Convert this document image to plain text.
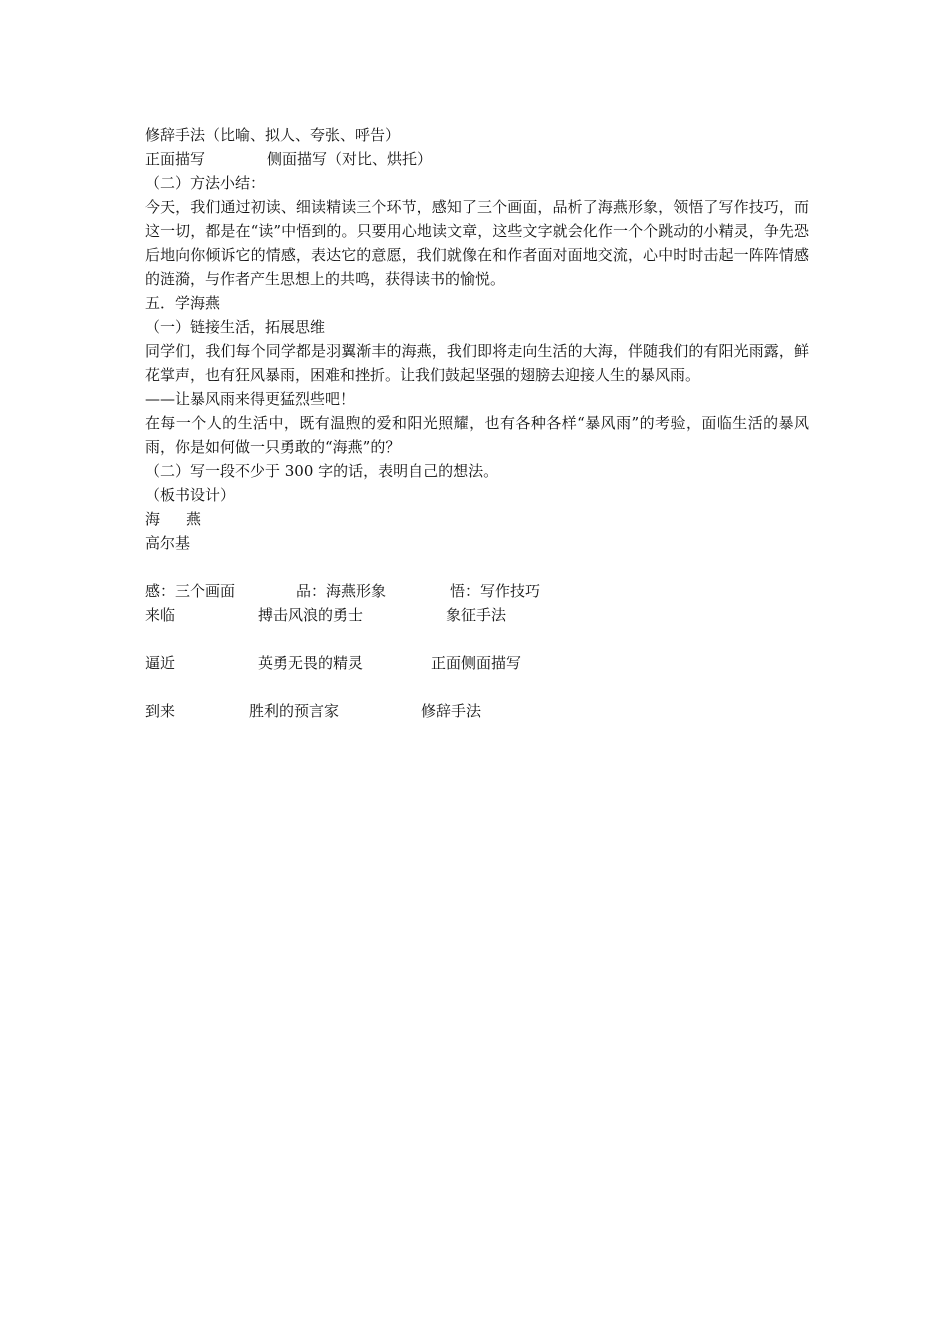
修辞手法（比喻、拟人、夸张、呼告）
正面描写	侧面描写（对比、烘托）
（二）方法小结：
今天，我们通过初读、细读精读三个环节，感知了三个画面，品析了海燕形象，领悟了写作技巧，而这一切，都是在“读”中悟到的。只要用心地读文章，这些文字就会化作一个个跳动的小精灵，争先恐后地向你倾诉它的情感，表达它的意愿，我们就像在和作者面对面地交流，心中时时击起一阵阵情感的涟漪，与作者产生思想上的共鸣，获得读书的愉悦。
五．学海燕
（一）链接生活，拓展思维
同学们，我们每个同学都是羽翼渐丰的海燕，我们即将走向生活的大海，伴随我们的有阳光雨露，鲜花掌声，也有狂风暴雨，困难和挫折。让我们鼓起坚强的翅膀去迎接人生的暴风雨。
——让暴风雨来得更猛烈些吧！
在每一个人的生活中，既有温煦的爱和阳光照耀，也有各种各样“暴风雨”的考验，面临生活的暴风雨，你是如何做一只勇敢的“海燕”的？
（二）写一段不少于 300 字的话，表明自己的想法。
（板书设计）
海 燕
高尔基
感：三个画面	品：海燕形象	悟：写作技巧
来临	搏击风浪的勇士	象征手法
逼近	英勇无畏的精灵	正面侧面描写
到来	胜利的预言家	修辞手法
